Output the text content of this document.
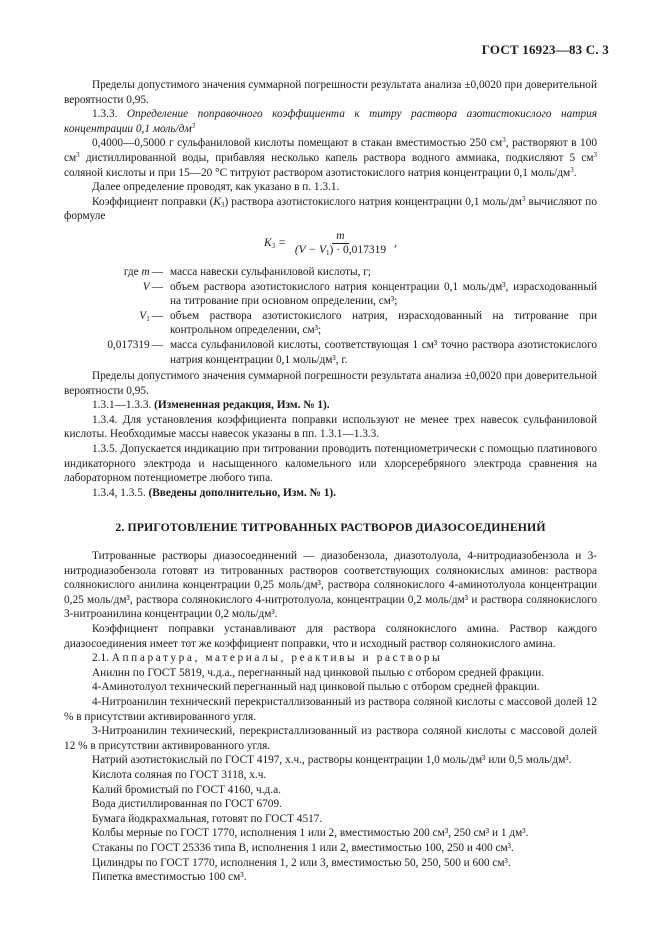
ГОСТ 16923—83 С. 3

Пределы допустимого значения суммарной погрешности результата анализа ±0,0020 при доверительной вероятности 0,95.

1.3.3. Определение поправочного коэффициента к титру раствора азотистокислого натрия концентрации 0,1 моль/$дм^3$

0,4000—0,5000 г сульфаниловой кислоты помещают в стакан вместимостью 250 $см^3$, растворяют в 100 $см^3$ дистиллированной воды, прибавляя несколько капель раствора водного аммиака, подкисляют 5 $см^3$ соляной кислоты и при 15—20 °С титруют раствором азотистокислого натрия концентрации 0,1 моль/$дм^3$.

Далее определение проводят, как указано в п. 1.3.1.

Коэффициент поправки $(K_3)$ раствора азотистокислого натрия концентрации 0,1 моль/$дм^3$ вычисляют по формуле

$K_3 = \frac{m}{(V - V_1) \cdot 0,017319}$ ,
где m —	масса навески сульфаниловой кислоты, г;
V —	объем раствора азотистокислого натрия концентрации 0,1 моль/дм³, израсходованный на титрование при основном определении, см³;
$V_1$ —	объем раствора азотистокислого натрия, израсходованный на титрование при контрольном определении, см³;
0,017319 —	масса сульфаниловой кислоты, соответствующая 1 см³ точно раствора азотистокислого натрия концентрации 0,1 моль/дм³, г.

Пределы допустимого значения суммарной погрешности результата анализа ±0,0020 при доверительной вероятности 0,95.

1.3.1—1.3.3. (Измененная редакция, Изм. № 1).

1.3.4. Для установления коэффициента поправки используют не менее трех навесок сульфаниловой кислоты. Необходимые массы навесок указаны в пп. 1.3.1—1.3.3.

1.3.5. Допускается индикацию при титровании проводить потенциометрически с помощью платинового индикаторного электрода и насыщенного каломельного или хлорсеребряного электрода сравнения на лабораторном потенциометре любого типа.

1.3.4, 1.3.5. (Введены дополнительно, Изм. № 1).

2. ПРИГОТОВЛЕНИЕ ТИТРОВАННЫХ РАСТВОРОВ ДИАЗОСОЕДИНЕНИЙ

Титрованные растворы диазосоединений — диазобензола, диазотолуола, 4-нитродиазобензола и 3-нитродиазобензола готовят из титрованных растворов соответствующих солянокислых аминов: раствора солянокислого анилина концентрации 0,25 моль/дм³, раствора солянокислого 4-аминотолуола концентрации 0,25 моль/дм³, раствора солянокислого 4-нитротолуола, концентрации 0,2 моль/дм³ и раствора солянокислого 3-нитроанилина концентрации 0,2 моль/дм³.

Коэффициент поправки устанавливают для раствора солянокислого амина. Раствор каждого диазосоединения имеет тот же коэффициент поправки, что и исходный раствор солянокислого амина.

2.1. Аппаратура, материалы, реактивы и растворы

Анилин по ГОСТ 5819, ч.д.а., перегнанный над цинковой пылью с отбором средней фракции.

4-Аминотолуол технический перегнанный над цинковой пылью с отбором средней фракции.

4-Нитроанилин технический перекристаллизованный из раствора соляной кислоты с массовой долей 12 % в присутствии активированного угля.

3-Нитроанилин технический, перекристаллизованный из раствора соляной кислоты с массовой долей 12 % в присутствии активированного угля.

Натрий азотистокислый по ГОСТ 4197, х.ч., растворы концентрации 1,0 моль/дм³ или 0,5 моль/дм³.

Кислота соляная по ГОСТ 3118, х.ч.

Калий бромистый по ГОСТ 4160, ч.д.а.

Вода дистиллированная по ГОСТ 6709.

Бумага йодкрахмальная, готовят по ГОСТ 4517.

Колбы мерные по ГОСТ 1770, исполнения 1 или 2, вместимостью 200 см³, 250 см³ и 1 дм³.

Стаканы по ГОСТ 25336 типа В, исполнения 1 или 2, вместимостью 100, 250 и 400 см³.

Цилиндры по ГОСТ 1770, исполнения 1, 2 или 3, вместимостью 50, 250, 500 и 600 см³.

Пипетка вместимостью 100 см³.
